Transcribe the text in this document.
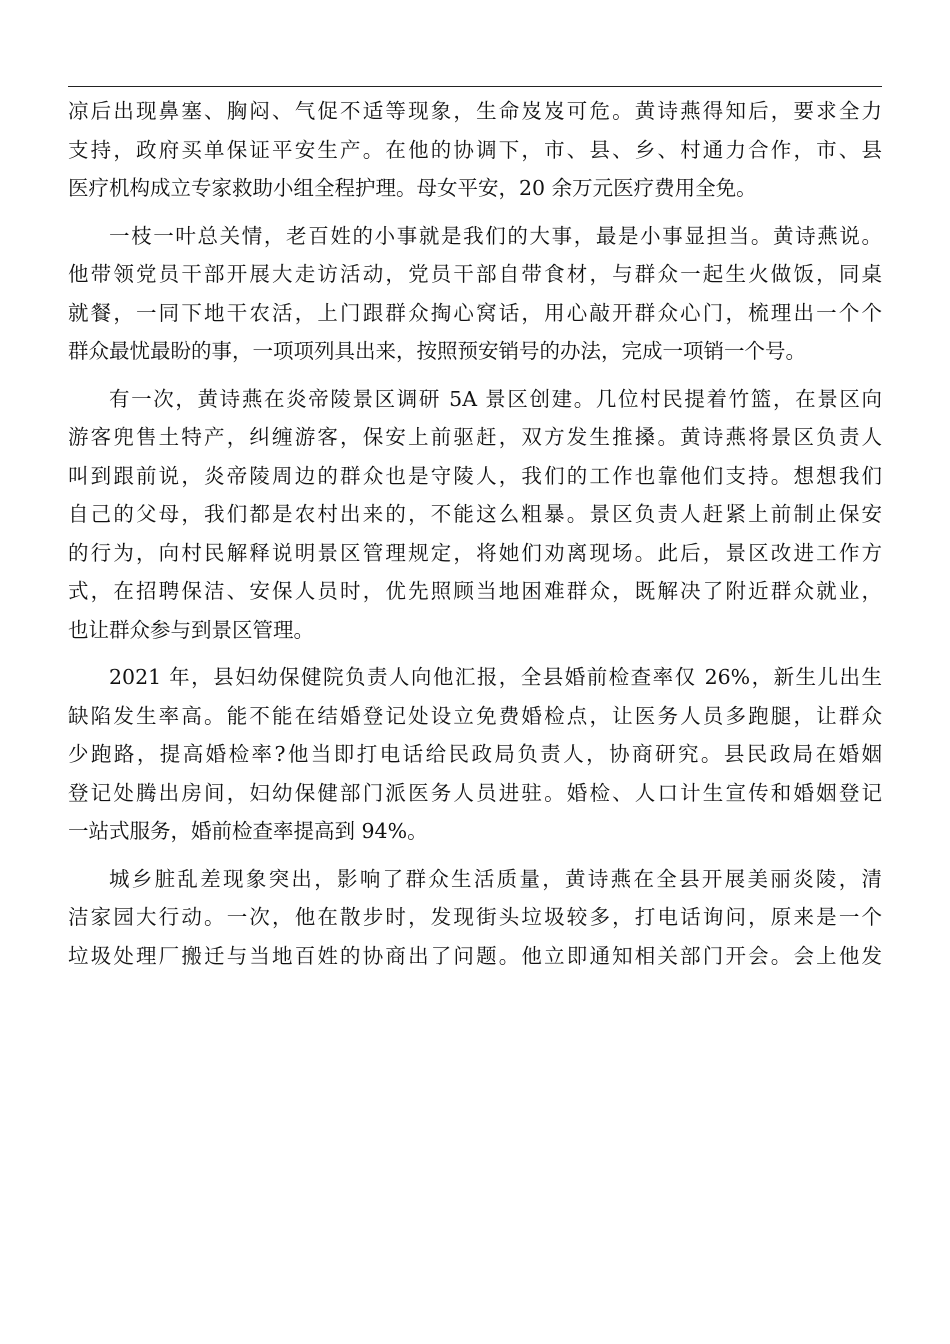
凉后出现鼻塞、胸闷、气促不适等现象，生命岌岌可危。黄诗燕得知后，要求全力
支持，政府买单保证平安生产。在他的协调下，市、县、乡、村通力合作，市、县
医疗机构成立专家救助小组全程护理。母女平安，20 余万元医疗费用全免。
一枝一叶总关情，老百姓的小事就是我们的大事，最是小事显担当。黄诗燕说。
他带领党员干部开展大走访活动，党员干部自带食材，与群众一起生火做饭，同桌
就餐，一同下地干农活，上门跟群众掏心窝话，用心敲开群众心门，梳理出一个个
群众最忧最盼的事，一项项列具出来，按照预安销号的办法，完成一项销一个号。
有一次，黄诗燕在炎帝陵景区调研 5A 景区创建。几位村民提着竹篮，在景区向
游客兜售土特产，纠缠游客，保安上前驱赶，双方发生推搡。黄诗燕将景区负责人
叫到跟前说，炎帝陵周边的群众也是守陵人，我们的工作也靠他们支持。想想我们
自己的父母，我们都是农村出来的，不能这么粗暴。景区负责人赶紧上前制止保安
的行为，向村民解释说明景区管理规定，将她们劝离现场。此后，景区改进工作方
式，在招聘保洁、安保人员时，优先照顾当地困难群众，既解决了附近群众就业，
也让群众参与到景区管理。
2021 年，县妇幼保健院负责人向他汇报，全县婚前检查率仅 26%，新生儿出生
缺陷发生率高。能不能在结婚登记处设立免费婚检点，让医务人员多跑腿，让群众
少跑路，提高婚检率?他当即打电话给民政局负责人，协商研究。县民政局在婚姻
登记处腾出房间，妇幼保健部门派医务人员进驻。婚检、人口计生宣传和婚姻登记
一站式服务，婚前检查率提高到 94%。
城乡脏乱差现象突出，影响了群众生活质量，黄诗燕在全县开展美丽炎陵，清
洁家园大行动。一次，他在散步时，发现街头垃圾较多，打电话询问，原来是一个
垃圾处理厂搬迁与当地百姓的协商出了问题。他立即通知相关部门开会。会上他发
